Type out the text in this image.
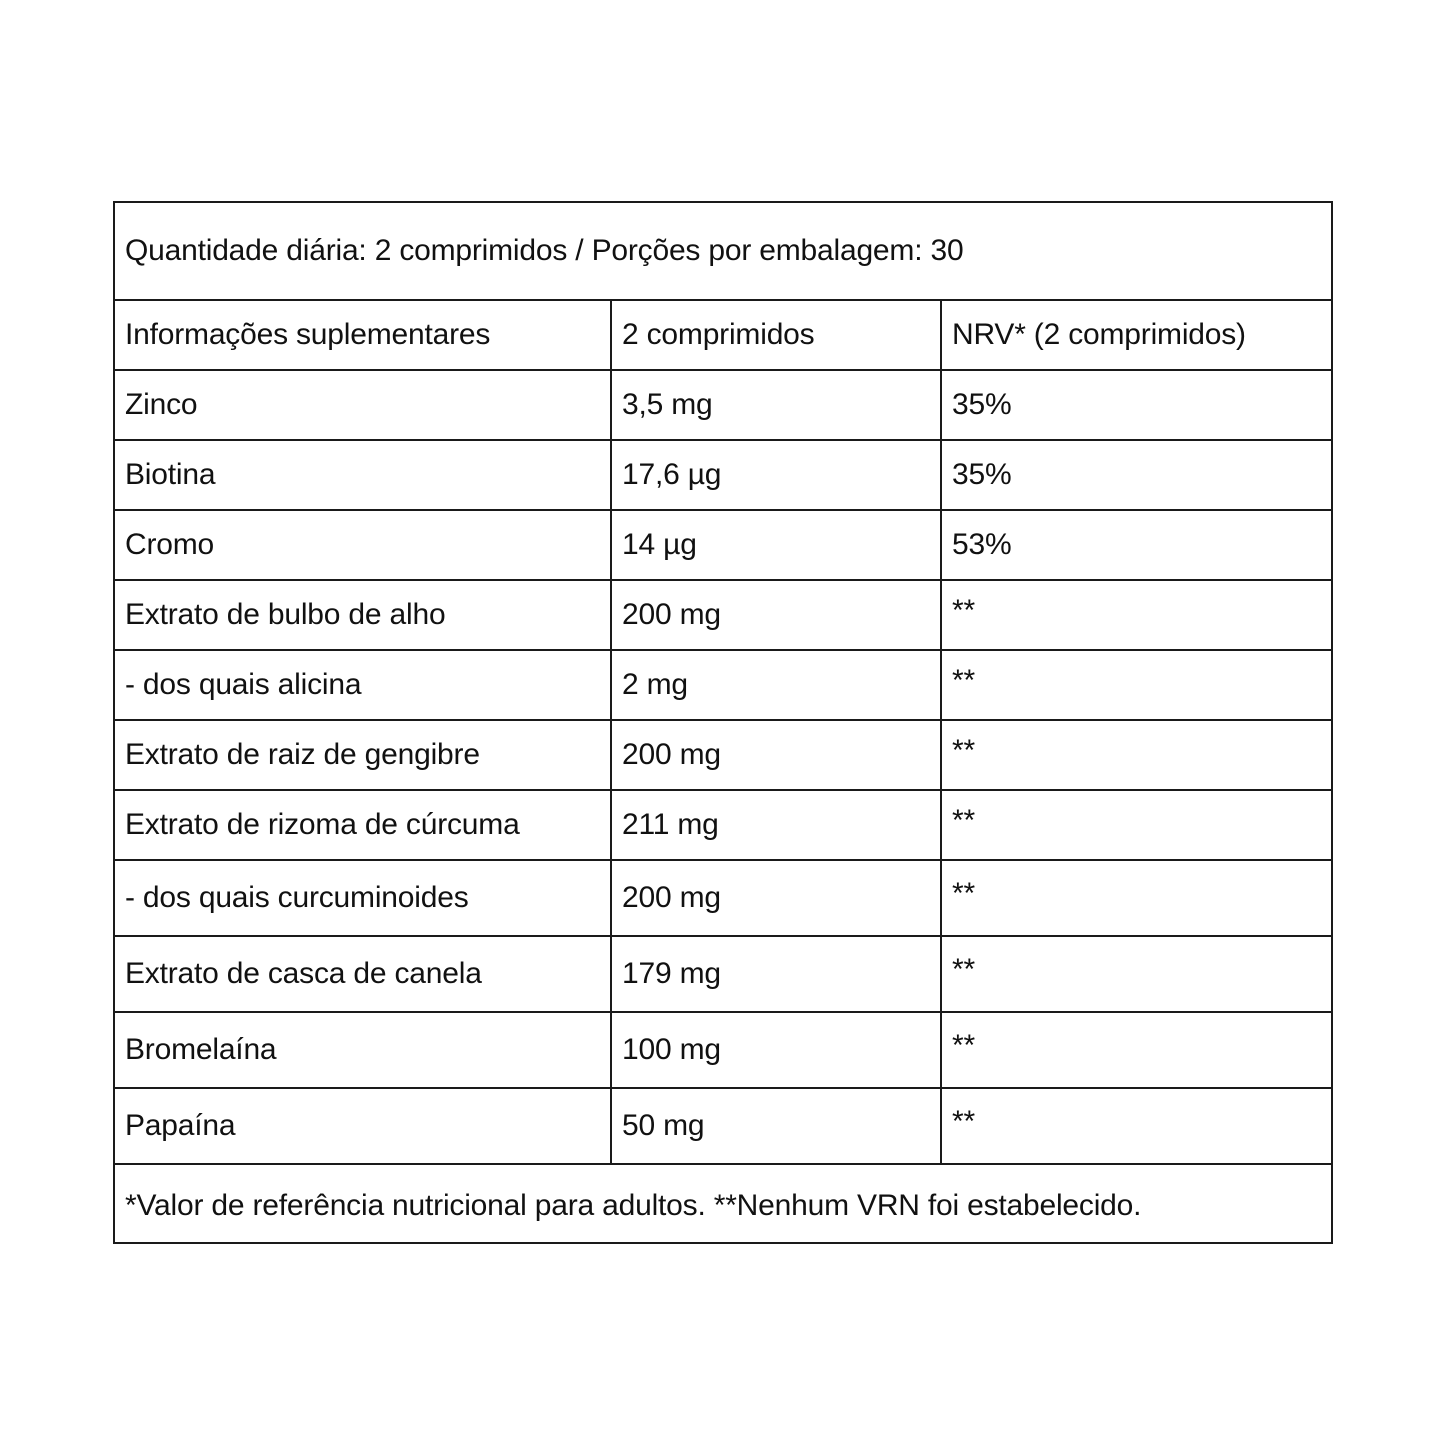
Quantidade diária: 2 comprimidos / Porções por embalagem: 30		
Informações suplementares	2 comprimidos	NRV* (2 comprimidos)
Zinco	3,5 mg	35%
Biotina	17,6 µg	35%
Cromo	14 µg	53%
Extrato de bulbo de alho	200 mg	**
- dos quais alicina	2 mg	**
Extrato de raiz de gengibre	200 mg	**
Extrato de rizoma de cúrcuma	211 mg	**
- dos quais curcuminoides	200 mg	**
Extrato de casca de canela	179 mg	**
Bromelaína	100 mg	**
Papaína	50 mg	**
*Valor de referência nutricional para adultos. **Nenhum VRN foi estabelecido.		
